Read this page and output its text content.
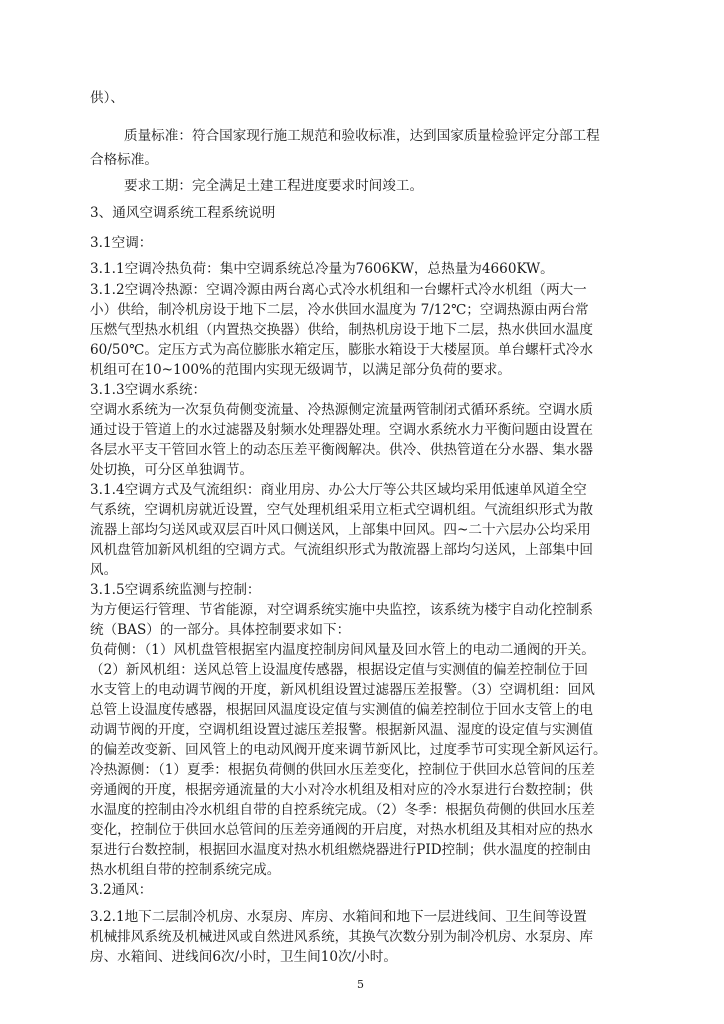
供）、
质量标准：符合国家现行施工规范和验收标准，达到国家质量检验评定分部工程
合格标准。
要求工期：完全满足土建工程进度要求时间竣工。
3、通风空调系统工程系统说明
3.1空调：
3.1.1空调冷热负荷：集中空调系统总冷量为7606KW，总热量为4660KW。
3.1.2空调冷热源：空调冷源由两台离心式冷水机组和一台螺杆式冷水机组（两大一
小）供给，制冷机房设于地下二层，冷水供回水温度为 7/12℃；空调热源由两台常
压燃气型热水机组（内置热交换器）供给，制热机房设于地下二层，热水供回水温度
60/50℃。定压方式为高位膨胀水箱定压，膨胀水箱设于大楼屋顶。单台螺杆式冷水
机组可在10~100%的范围内实现无级调节，以满足部分负荷的要求。
3.1.3空调水系统：
空调水系统为一次泵负荷侧变流量、冷热源侧定流量两管制闭式循环系统。空调水质
通过设于管道上的水过滤器及射频水处理器处理。空调水系统水力平衡问题由设置在
各层水平支干管回水管上的动态压差平衡阀解决。供冷、供热管道在分水器、集水器
处切换，可分区单独调节。
3.1.4空调方式及气流组织：商业用房、办公大厅等公共区域均采用低速单风道全空
气系统，空调机房就近设置，空气处理机组采用立柜式空调机组。气流组织形式为散
流器上部均匀送风或双层百叶风口侧送风，上部集中回风。四~二十六层办公均采用
风机盘管加新风机组的空调方式。气流组织形式为散流器上部均匀送风，上部集中回
风。
3.1.5空调系统监测与控制：
为方便运行管理、节省能源，对空调系统实施中央监控，该系统为楼宇自动化控制系
统（BAS）的一部分。具体控制要求如下：
负荷侧：（1）风机盘管根据室内温度控制房间风量及回水管上的电动二通阀的开关。
（2）新风机组：送风总管上设温度传感器，根据设定值与实测值的偏差控制位于回
水支管上的电动调节阀的开度，新风机组设置过滤器压差报警。（3）空调机组：回风
总管上设温度传感器，根据回风温度设定值与实测值的偏差控制位于回水支管上的电
动调节阀的开度，空调机组设置过滤压差报警。根据新风温、湿度的设定值与实测值
的偏差改变新、回风管上的电动风阀开度来调节新风比，过度季节可实现全新风运行。
冷热源侧：（1）夏季：根据负荷侧的供回水压差变化，控制位于供回水总管间的压差
旁通阀的开度，根据旁通流量的大小对冷水机组及相对应的冷水泵进行台数控制；供
水温度的控制由冷水机组自带的自控系统完成。（2）冬季：根据负荷侧的供回水压差
变化，控制位于供回水总管间的压差旁通阀的开启度，对热水机组及其相对应的热水
泵进行台数控制，根据回水温度对热水机组燃烧器进行PID控制；供水温度的控制由
热水机组自带的控制系统完成。
3.2通风：
3.2.1地下二层制冷机房、水泵房、库房、水箱间和地下一层进线间、卫生间等设置
机械排风系统及机械进风或自然进风系统，其换气次数分别为制冷机房、水泵房、库
房、水箱间、进线间6次/小时，卫生间10次/小时。
5
